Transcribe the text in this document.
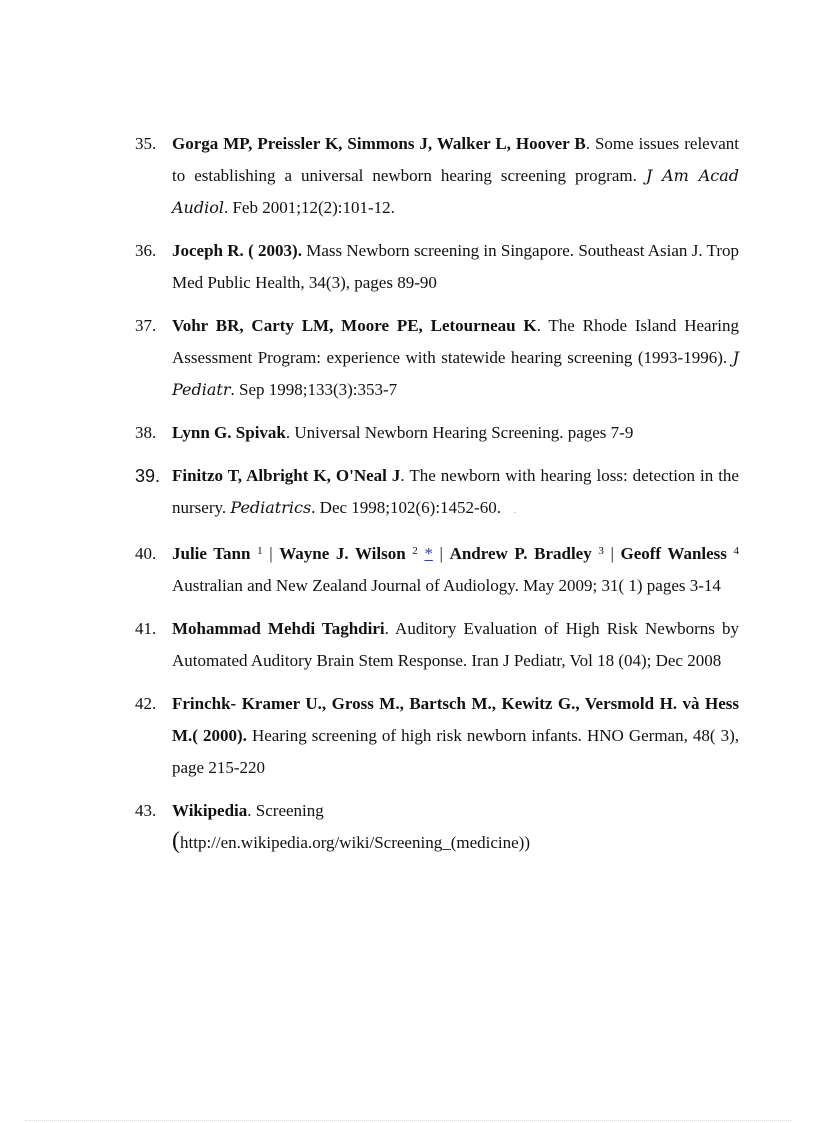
35. Gorga MP, Preissler K, Simmons J, Walker L, Hoover B. Some issues relevant to establishing a universal newborn hearing screening program. J Am Acad Audiol. Feb 2001;12(2):101-12.
36. Joceph R. ( 2003). Mass Newborn screening in Singapore. Southeast Asian J. Trop Med Public Health, 34(3), pages 89-90
37. Vohr BR, Carty LM, Moore PE, Letourneau K. The Rhode Island Hearing Assessment Program: experience with statewide hearing screening (1993-1996). J Pediatr. Sep 1998;133(3):353-7
38. Lynn G. Spivak. Universal Newborn Hearing Screening. pages 7-9
39. Finitzo T, Albright K, O'Neal J. The newborn with hearing loss: detection in the nursery. Pediatrics. Dec 1998;102(6):1452-60. .
40. Julie Tann $^1$ | Wayne J. Wilson $^2$ * | Andrew P. Bradley $^3$ | Geoff Wanless $^4$ Australian and New Zealand Journal of Audiology. May 2009; 31( 1) pages 3-14
41. Mohammad Mehdi Taghdiri. Auditory Evaluation of High Risk Newborns by Automated Auditory Brain Stem Response. Iran J Pediatr, Vol 18 (04); Dec 2008
42. Frinchk- Kramer U., Gross M., Bartsch M., Kewitz G., Versmold H. và Hess M.( 2000). Hearing screening of high risk newborn infants. HNO German, 48( 3), page 215-220
43. Wikipedia. Screening
(http://en.wikipedia.org/wiki/Screening_(medicine))
